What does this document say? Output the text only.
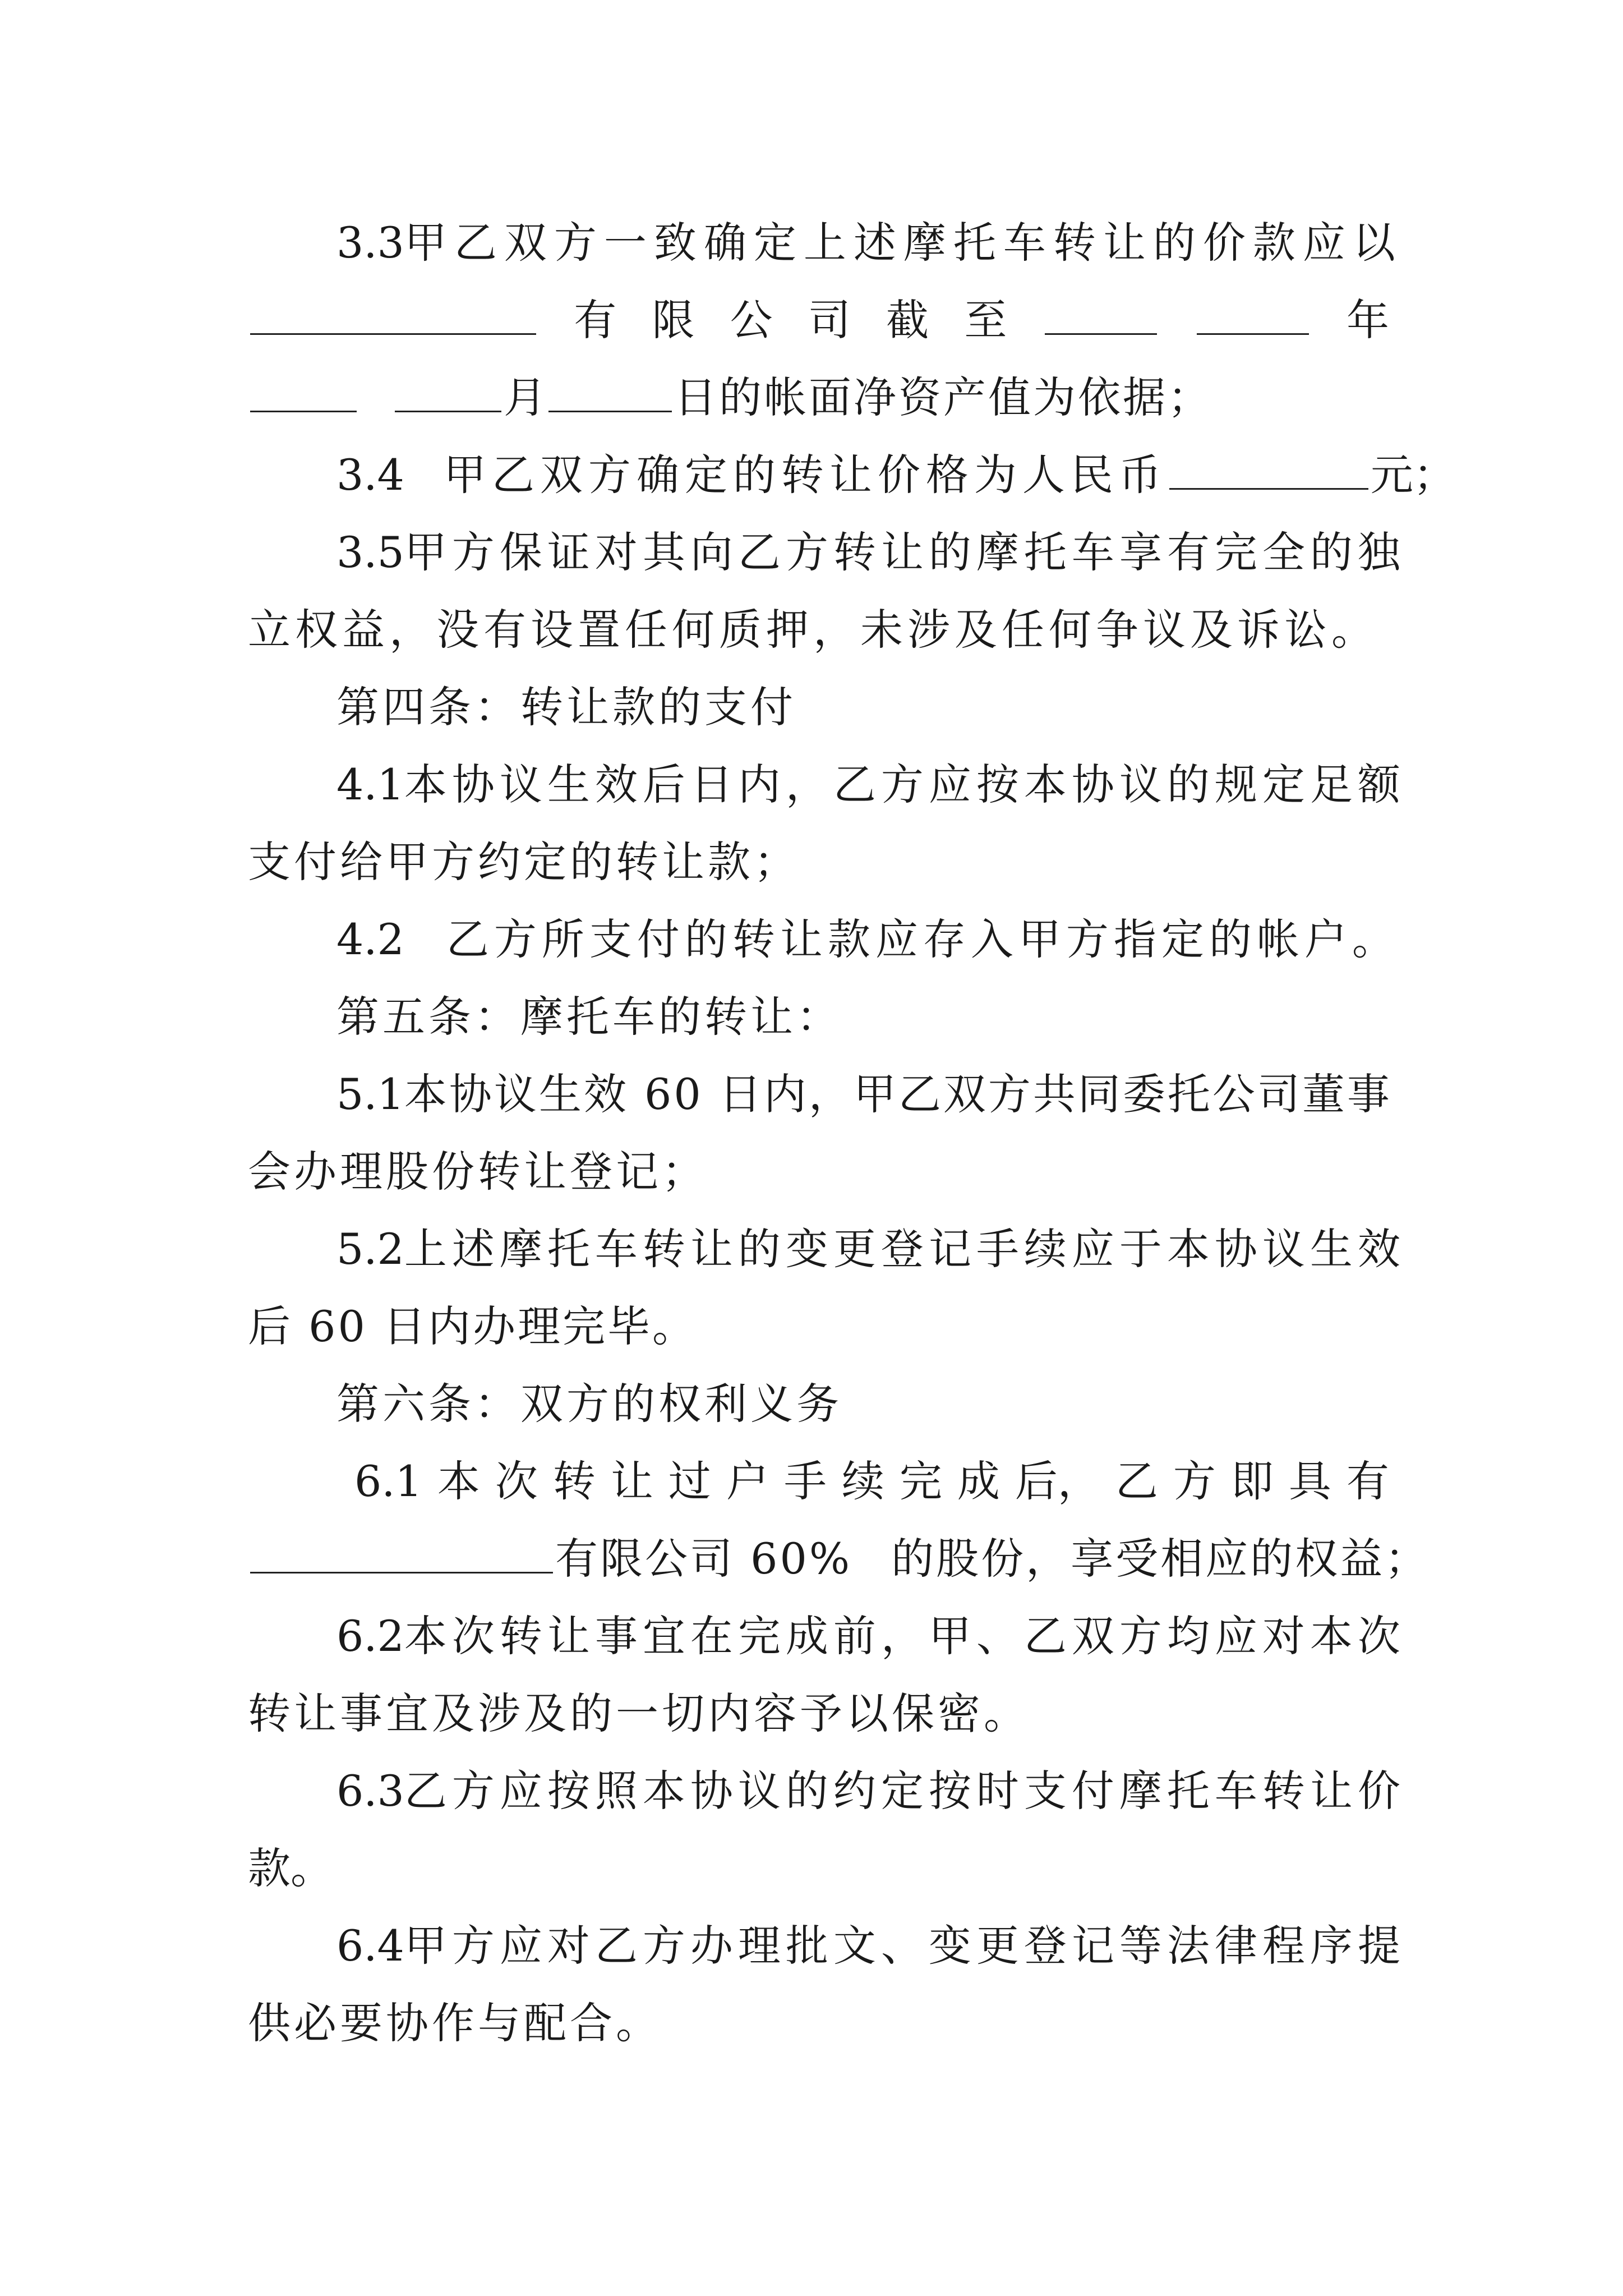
3.3 甲乙双方一致确定上述摩托车转让的价款应以
有 限 公 司 截 至	年
月	日的帐面净资产值为依据；
3.4 甲乙双方确定的转让价格为人民币	元；
3.5 甲方保证对其向乙方转让的摩托车享有完全的独
立权益，没有设置任何质押，未涉及任何争议及诉讼。
第四条：转让款的支付
4.1 本协议生效后日内，乙方应按本协议的规定足额
支付给甲方约定的转让款；
4.2 乙方所支付的转让款应存入甲方指定的帐户。
第五条：摩托车的转让：
5.1 本协议生效 60 日内，甲乙双方共同委托公司董事
会办理股份转让登记；
5.2 上述摩托车转让的变更登记手续应于本协议生效
后 60 日内办理完毕。
第六条：双方的权利义务
6.1 本 次 转 让 过 户 手 续 完 成 后， 乙 方 即 具 有
有限公司 60% 的股份，享受相应的权益；
6.2 本次转让事宜在完成前，甲、乙双方均应对本次
转让事宜及涉及的一切内容予以保密。
6.3 乙方应按照本协议的约定按时支付摩托车转让价
款。
6.4 甲方应对乙方办理批文、变更登记等法律程序提
供必要协作与配合。
